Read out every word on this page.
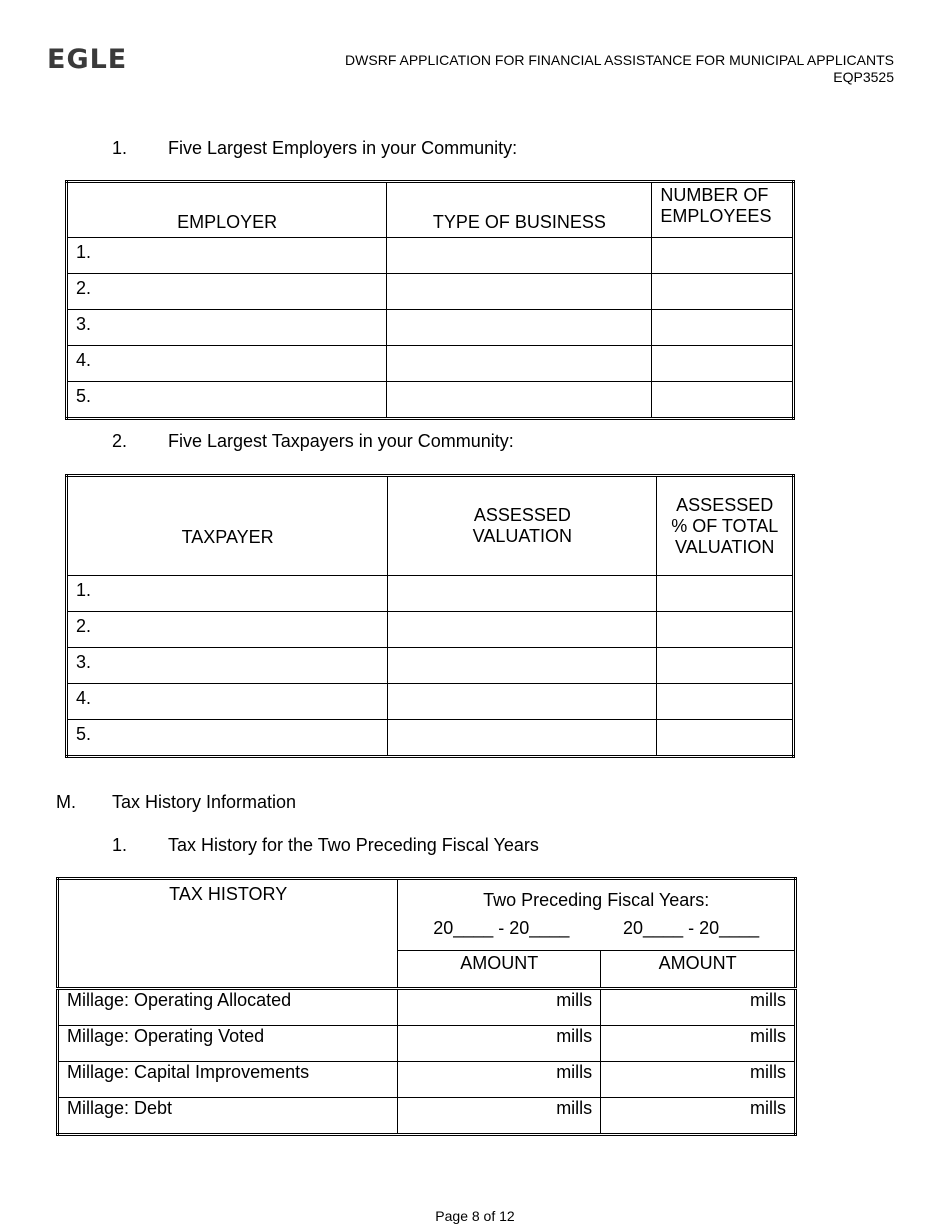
EGLE	DWSRF APPLICATION FOR FINANCIAL ASSISTANCE FOR MUNICIPAL APPLICANTS
EQP3525
1. Five Largest Employers in your Community:
EMPLOYER	TYPE OF BUSINESS	NUMBER OF EMPLOYEES
1.		
2.		
3.		
4.		
5.		
2. Five Largest Taxpayers in your Community:
TAXPAYER	ASSESSED VALUATION	ASSESSED % OF TOTAL VALUATION
1.		
2.		
3.		
4.		
5.		
M. Tax History Information
1. Tax History for the Two Preceding Fiscal Years
TAX HISTORY	Two Preceding Fiscal Years:
20____ - 20____ 20____ - 20____	

	AMOUNT	AMOUNT
Millage: Operating Allocated	mills	mills
Millage: Operating Voted	mills	mills
Millage: Capital Improvements	mills	mills
Millage: Debt	mills	mills
Page 8 of 12
